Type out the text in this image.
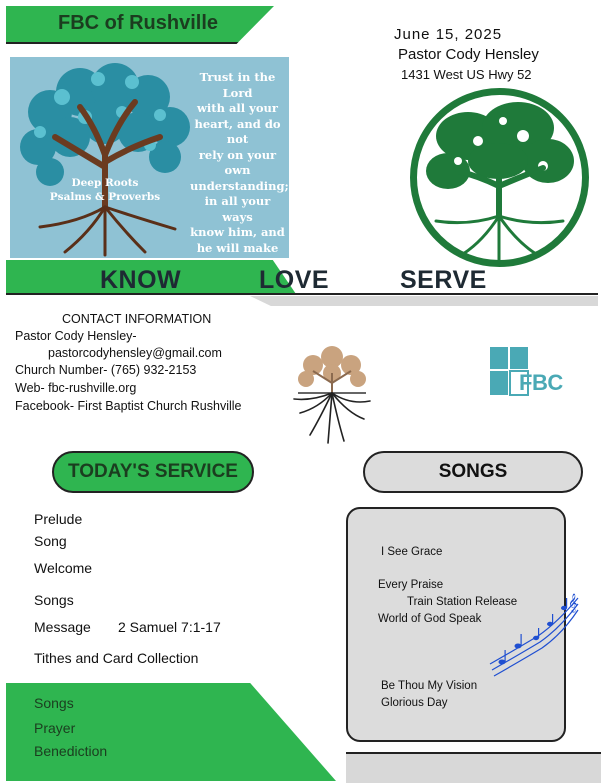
FBC of Rushville
June 15, 2025
Pastor Cody Hensley
1431 West US Hwy 52
Trust in the Lord
with all your
heart, and do not
rely on your own
understanding;
in all your ways
know him, and
he will make
Deep Roots
Psalms & Proverbs
KNOW	LOVE	SERVE
CONTACT INFORMATION
Pastor Cody Hensley-
pastorcodyhensley@gmail.com
Church Number- (765) 932-2153
Web- fbc-rushville.org
Facebook- First Baptist Church Rushville
FBC
TODAY'S SERVICE	SONGS
Prelude
Song
Welcome
Songs
Message 2 Samuel 7:1-17
Tithes and Card Collection
I See Grace
Every Praise
Train Station Release
World of God Speak
Be Thou My Vision
Glorious Day
𝄞
Songs
Prayer
Benediction
